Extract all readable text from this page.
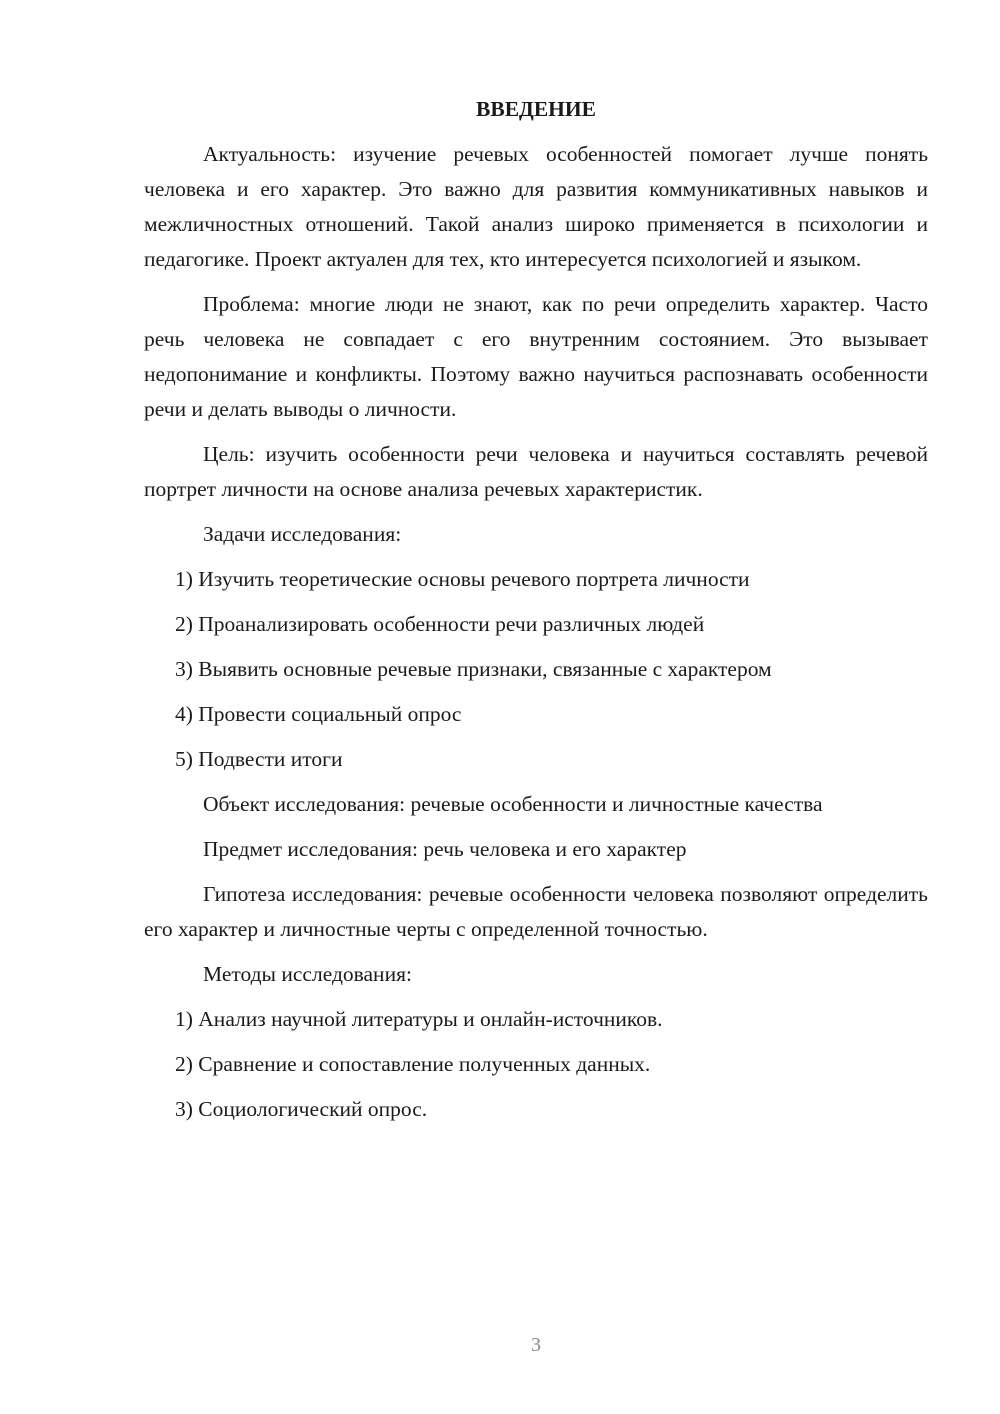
ВВЕДЕНИЕ

Актуальность: изучение речевых особенностей помогает лучше понять человека и его характер. Это важно для развития коммуникативных навыков и межличностных отношений. Такой анализ широко применяется в психологии и педагогике. Проект актуален для тех, кто интересуется психологией и языком.

Проблема: многие люди не знают, как по речи определить характер. Часто речь человека не совпадает с его внутренним состоянием. Это вызывает недопонимание и конфликты. Поэтому важно научиться распознавать особенности речи и делать выводы о личности.

Цель: изучить особенности речи человека и научиться составлять речевой портрет личности на основе анализа речевых характеристик.

Задачи исследования:

1) Изучить теоретические основы речевого портрета личности
2) Проанализировать особенности речи различных людей
3) Выявить основные речевые признаки, связанные с характером
4) Провести социальный опрос
5) Подвести итоги

Объект исследования: речевые особенности и личностные качества

Предмет исследования: речь человека и его характер

Гипотеза исследования: речевые особенности человека позволяют определить его характер и личностные черты с определенной точностью.

Методы исследования:

1) Анализ научной литературы и онлайн-источников.
2) Сравнение и сопоставление полученных данных.
3) Социологический опрос.
3
